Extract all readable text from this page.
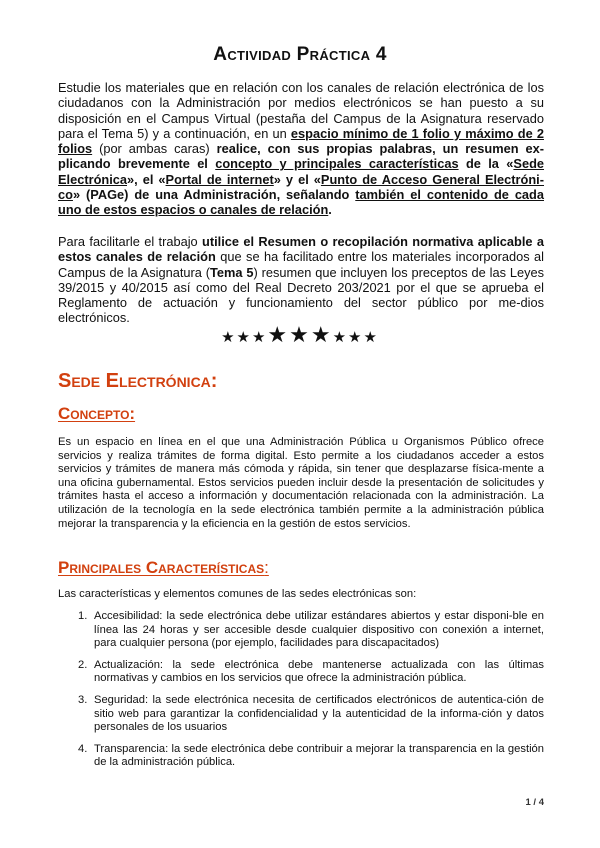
Actividad Práctica 4

Estudie los materiales que en relación con los canales de relación electrónica de los ciudadanos con la Administración por medios electrónicos se han puesto a su disposición en el Campus Virtual (pestaña del Campus de la Asignatura reservado para el Tema 5) y a continuación, en un espacio mínimo de 1 folio y máximo de 2 folios (por ambas caras) realice, con sus propias palabras, un resumen ex-plicando brevemente el concepto y principales características de la «Sede Electrónica», el «Portal de internet» y el «Punto de Acceso General Electróni-co» (PAGe) de una Administración, señalando también el contenido de cada uno de estos espacios o canales de relación.

Para facilitarle el trabajo utilice el Resumen o recopilación normativa aplicable a estos canales de relación que se ha facilitado entre los materiales incorporados al Campus de la Asignatura (Tema 5) resumen que incluyen los preceptos de las Leyes 39/2015 y 40/2015 así como del Real Decreto 203/2021 por el que se aprueba el Reglamento de actuación y funcionamiento del sector público por me-dios electrónicos.

★★★★★★★★★
Sede Electrónica:
Concepto:

Es un espacio en línea en el que una Administración Pública u Organismos Público ofrece servicios y realiza trámites de forma digital. Esto permite a los ciudadanos acceder a estos servicios y trámites de manera más cómoda y rápida, sin tener que desplazarse física-mente a una oficina gubernamental. Estos servicios pueden incluir desde la presentación de solicitudes y trámites hasta el acceso a información y documentación relacionada con la administración. La utilización de la tecnología en la sede electrónica también permite a la administración pública mejorar la transparencia y la eficiencia en la gestión de estos servicios.

Principales Características:

Las características y elementos comunes de las sedes electrónicas son:

1. Accesibilidad: la sede electrónica debe utilizar estándares abiertos y estar disponi-ble en línea las 24 horas y ser accesible desde cualquier dispositivo con conexión a internet, para cualquier persona (por ejemplo, facilidades para discapacitados)
2. Actualización: la sede electrónica debe mantenerse actualizada con las últimas normativas y cambios en los servicios que ofrece la administración pública.
3. Seguridad: la sede electrónica necesita de certificados electrónicos de autentica-ción de sitio web para garantizar la confidencialidad y la autenticidad de la informa-ción y datos personales de los usuarios
4. Transparencia: la sede electrónica debe contribuir a mejorar la transparencia en la gestión de la administración pública.
1 / 4
